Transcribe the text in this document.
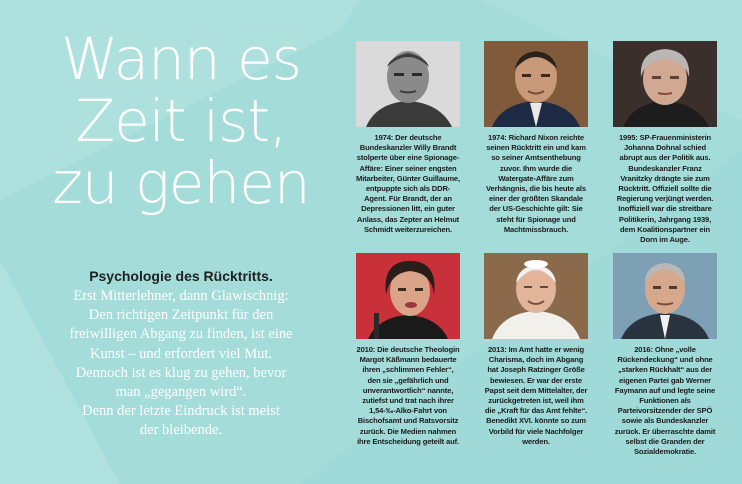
Wann es
Zeit ist,
zu gehen
Psychologie des Rücktritts.
Erst Mitterlehner, dann Glawischnig:
Den richtigen Zeitpunkt für den
freiwilligen Abgang zu finden, ist eine
Kunst – und erfordert viel Mut.
Dennoch ist es klug zu gehen, bevor
man „gegangen wird“.
Denn der letzte Eindruck ist meist
der bleibende.
1974: Der deutsche Bundeskanzler Willy Brandt stolperte über eine Spionage-Affäre: Einer seiner engsten Mitarbeiter, Günter Guillaume, entpuppte sich als DDR-Agent. Für Brandt, der an Depressionen litt, ein guter Anlass, das Zepter an Helmut Schmidt weiterzureichen.
1974: Richard Nixon reichte seinen Rücktritt ein und kam so seiner Amtsenthebung zuvor. Ihm wurde die Watergate-Affäre zum Verhängnis, die bis heute als einer der größten Skandale der US-Geschichte gilt: Sie steht für Spionage und Machtmissbrauch.
1995: SP-Frauenministerin Johanna Dohnal schied abrupt aus der Politik aus. Bundeskanzler Franz Vranitzky drängte sie zum Rücktritt. Offiziell sollte die Regierung verjüngt werden. Inoffiziell war die streitbare Politikerin, Jahrgang 1939, dem Koalitionspartner ein Dorn im Auge.
2010: Die deutsche Theologin Margot Käßmann bedauerte ihren „schlimmen Fehler“, den sie „gefährlich und unverantwortlich“ nannte, zutiefst und trat nach ihrer 1,54-‰-Alko-Fahrt von Bischofsamt und Ratsvorsitz zurück. Die Medien nahmen ihre Entscheidung geteilt auf.
2013: Im Amt hatte er wenig Charisma, doch im Abgang hat Joseph Ratzinger Größe bewiesen. Er war der erste Papst seit dem Mittelalter, der zurückgetreten ist, weil ihm die „Kraft für das Amt fehlte“. Benedikt XVI. könnte so zum Vorbild für viele Nachfolger werden.
2016: Ohne „volle Rückendeckung“ und ohne „starken Rückhalt“ aus der eigenen Partei gab Werner Faymann auf und legte seine Funktionen als Parteivorsitzender der SPÖ sowie als Bundeskanzler zurück. Er überraschte damit selbst die Granden der Sozialdemokratie.
